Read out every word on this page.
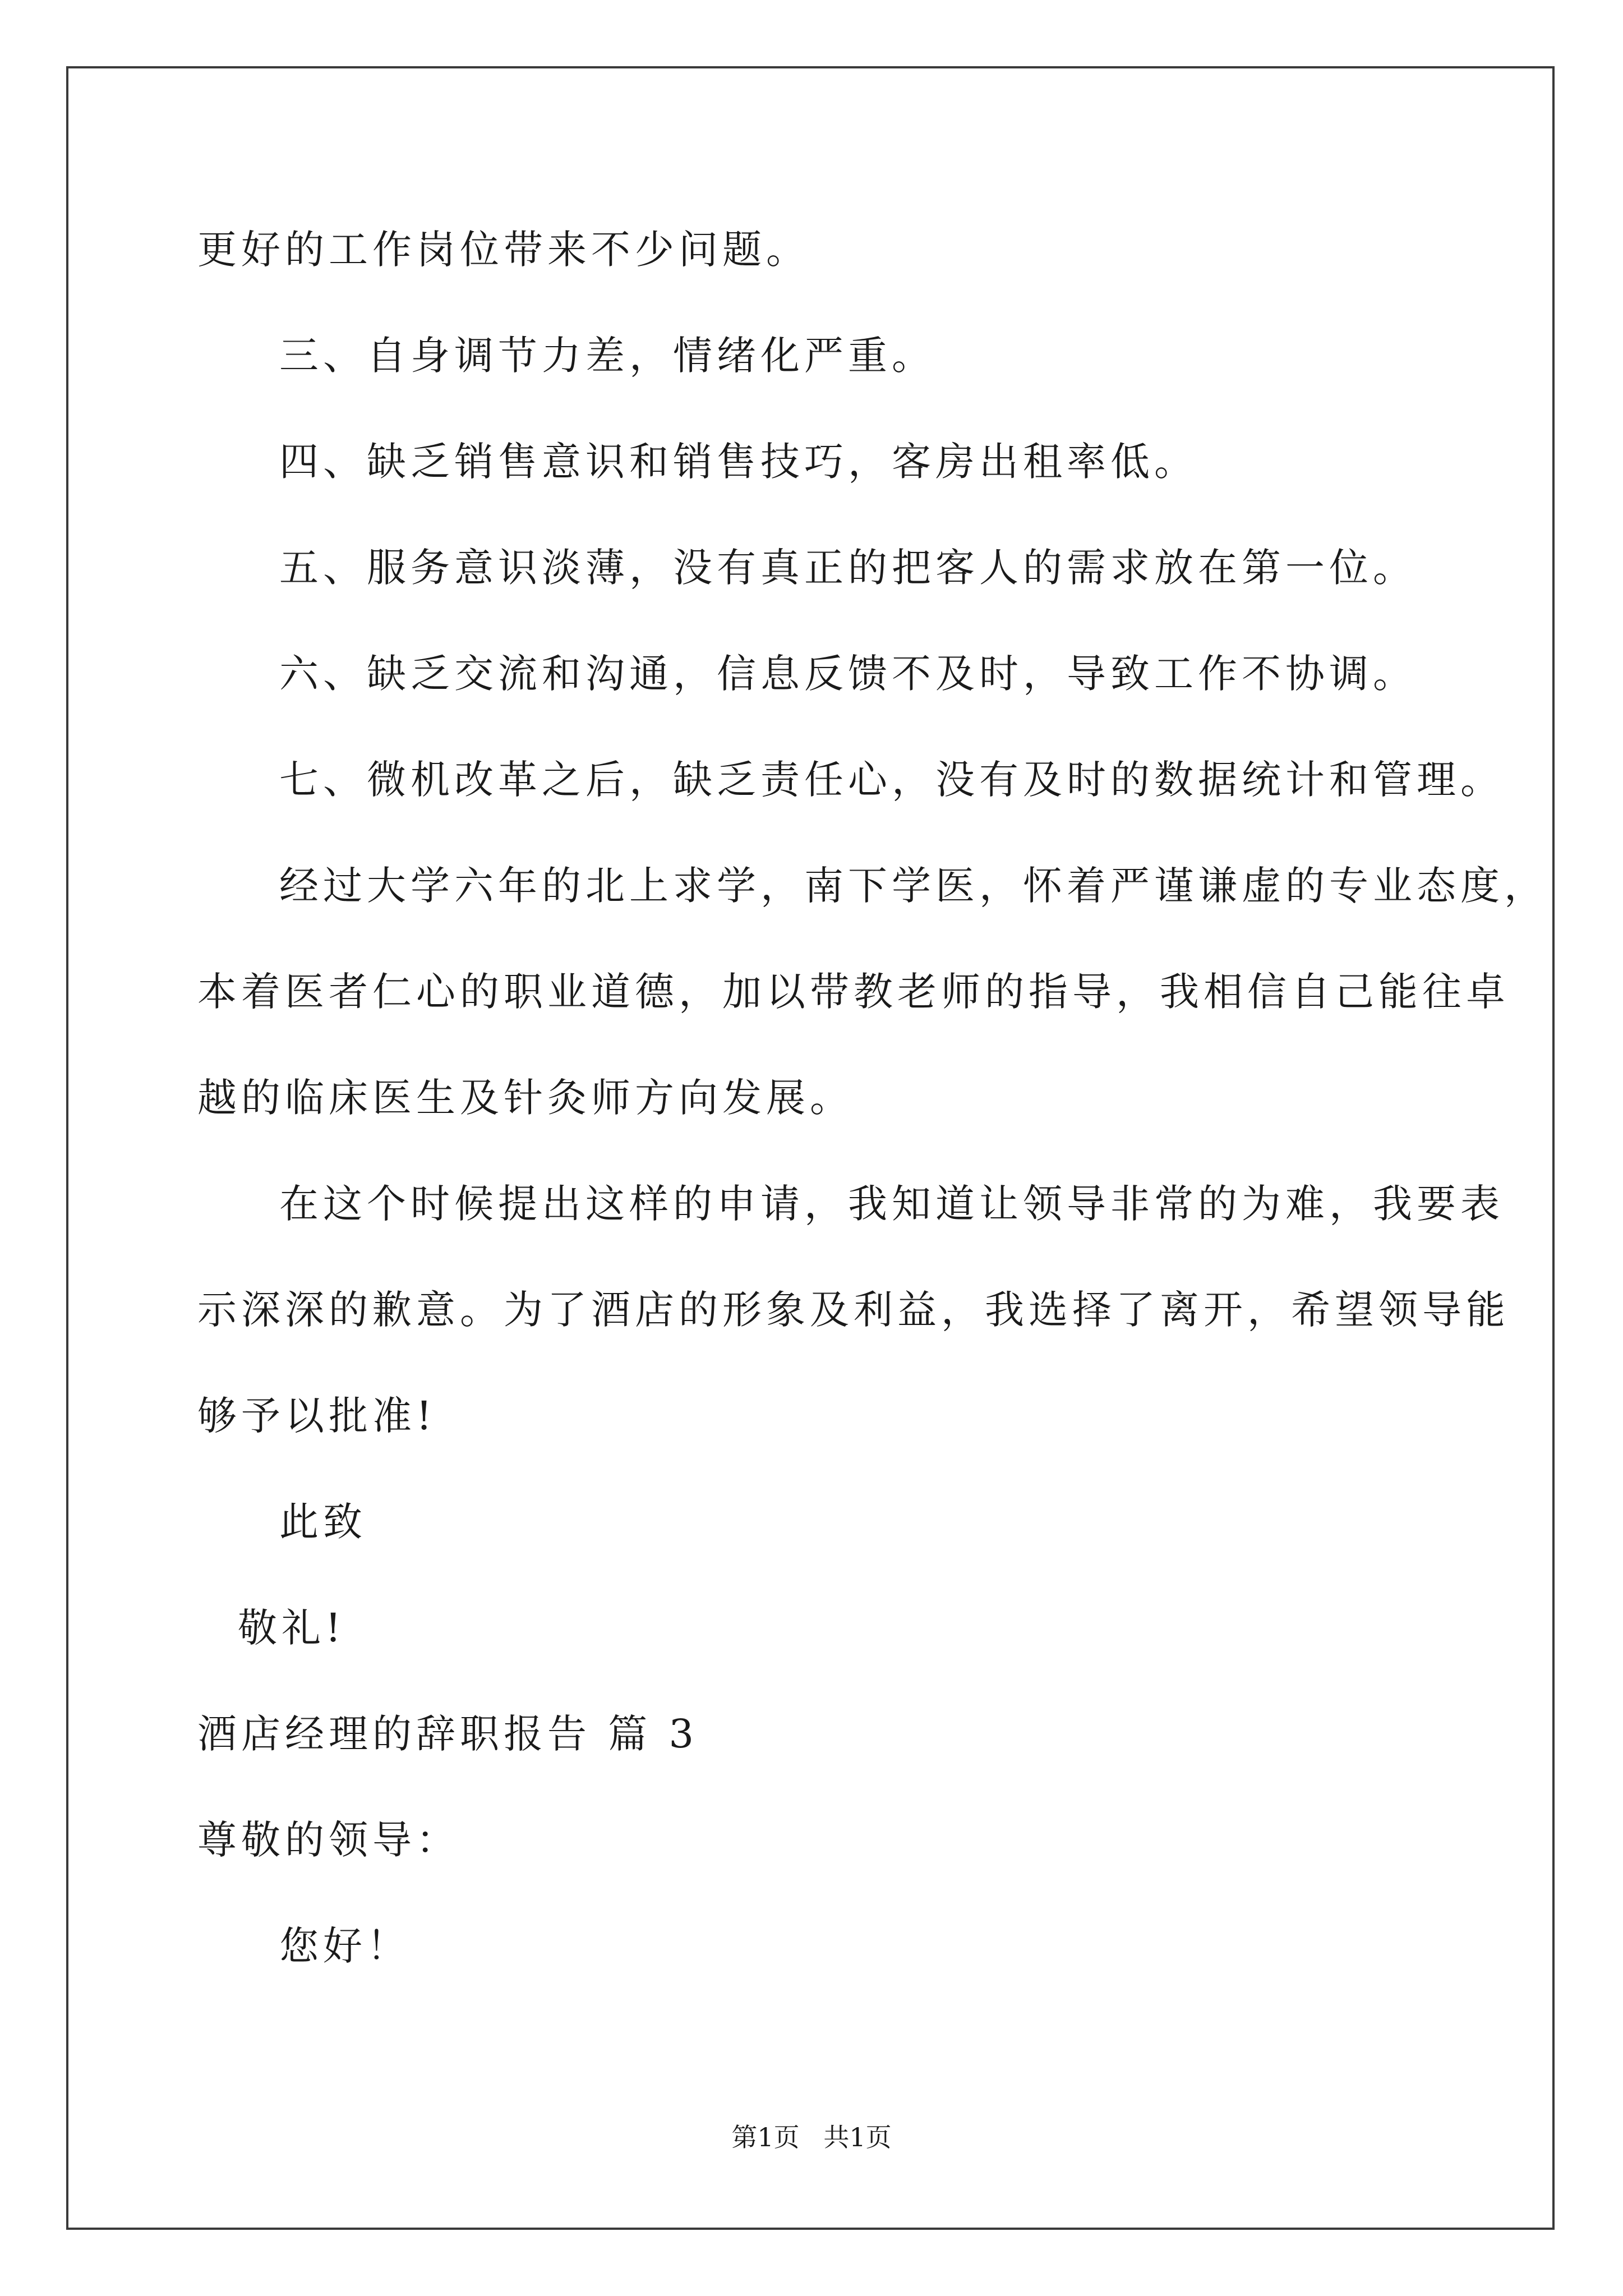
更好的工作岗位带来不少问题。

三、自身调节力差，情绪化严重。

四、缺乏销售意识和销售技巧，客房出租率低。

五、服务意识淡薄，没有真正的把客人的需求放在第一位。

六、缺乏交流和沟通，信息反馈不及时，导致工作不协调。

七、微机改革之后，缺乏责任心，没有及时的数据统计和管理。

经过大学六年的北上求学，南下学医，怀着严谨谦虚的专业态度，

本着医者仁心的职业道德，加以带教老师的指导，我相信自己能往卓

越的临床医生及针灸师方向发展。

在这个时候提出这样的申请，我知道让领导非常的为难，我要表

示深深的歉意。为了酒店的形象及利益，我选择了离开，希望领导能

够予以批准!

此致

敬礼!

酒店经理的辞职报告 篇 3

尊敬的领导：

您好！

第1页 共1页
